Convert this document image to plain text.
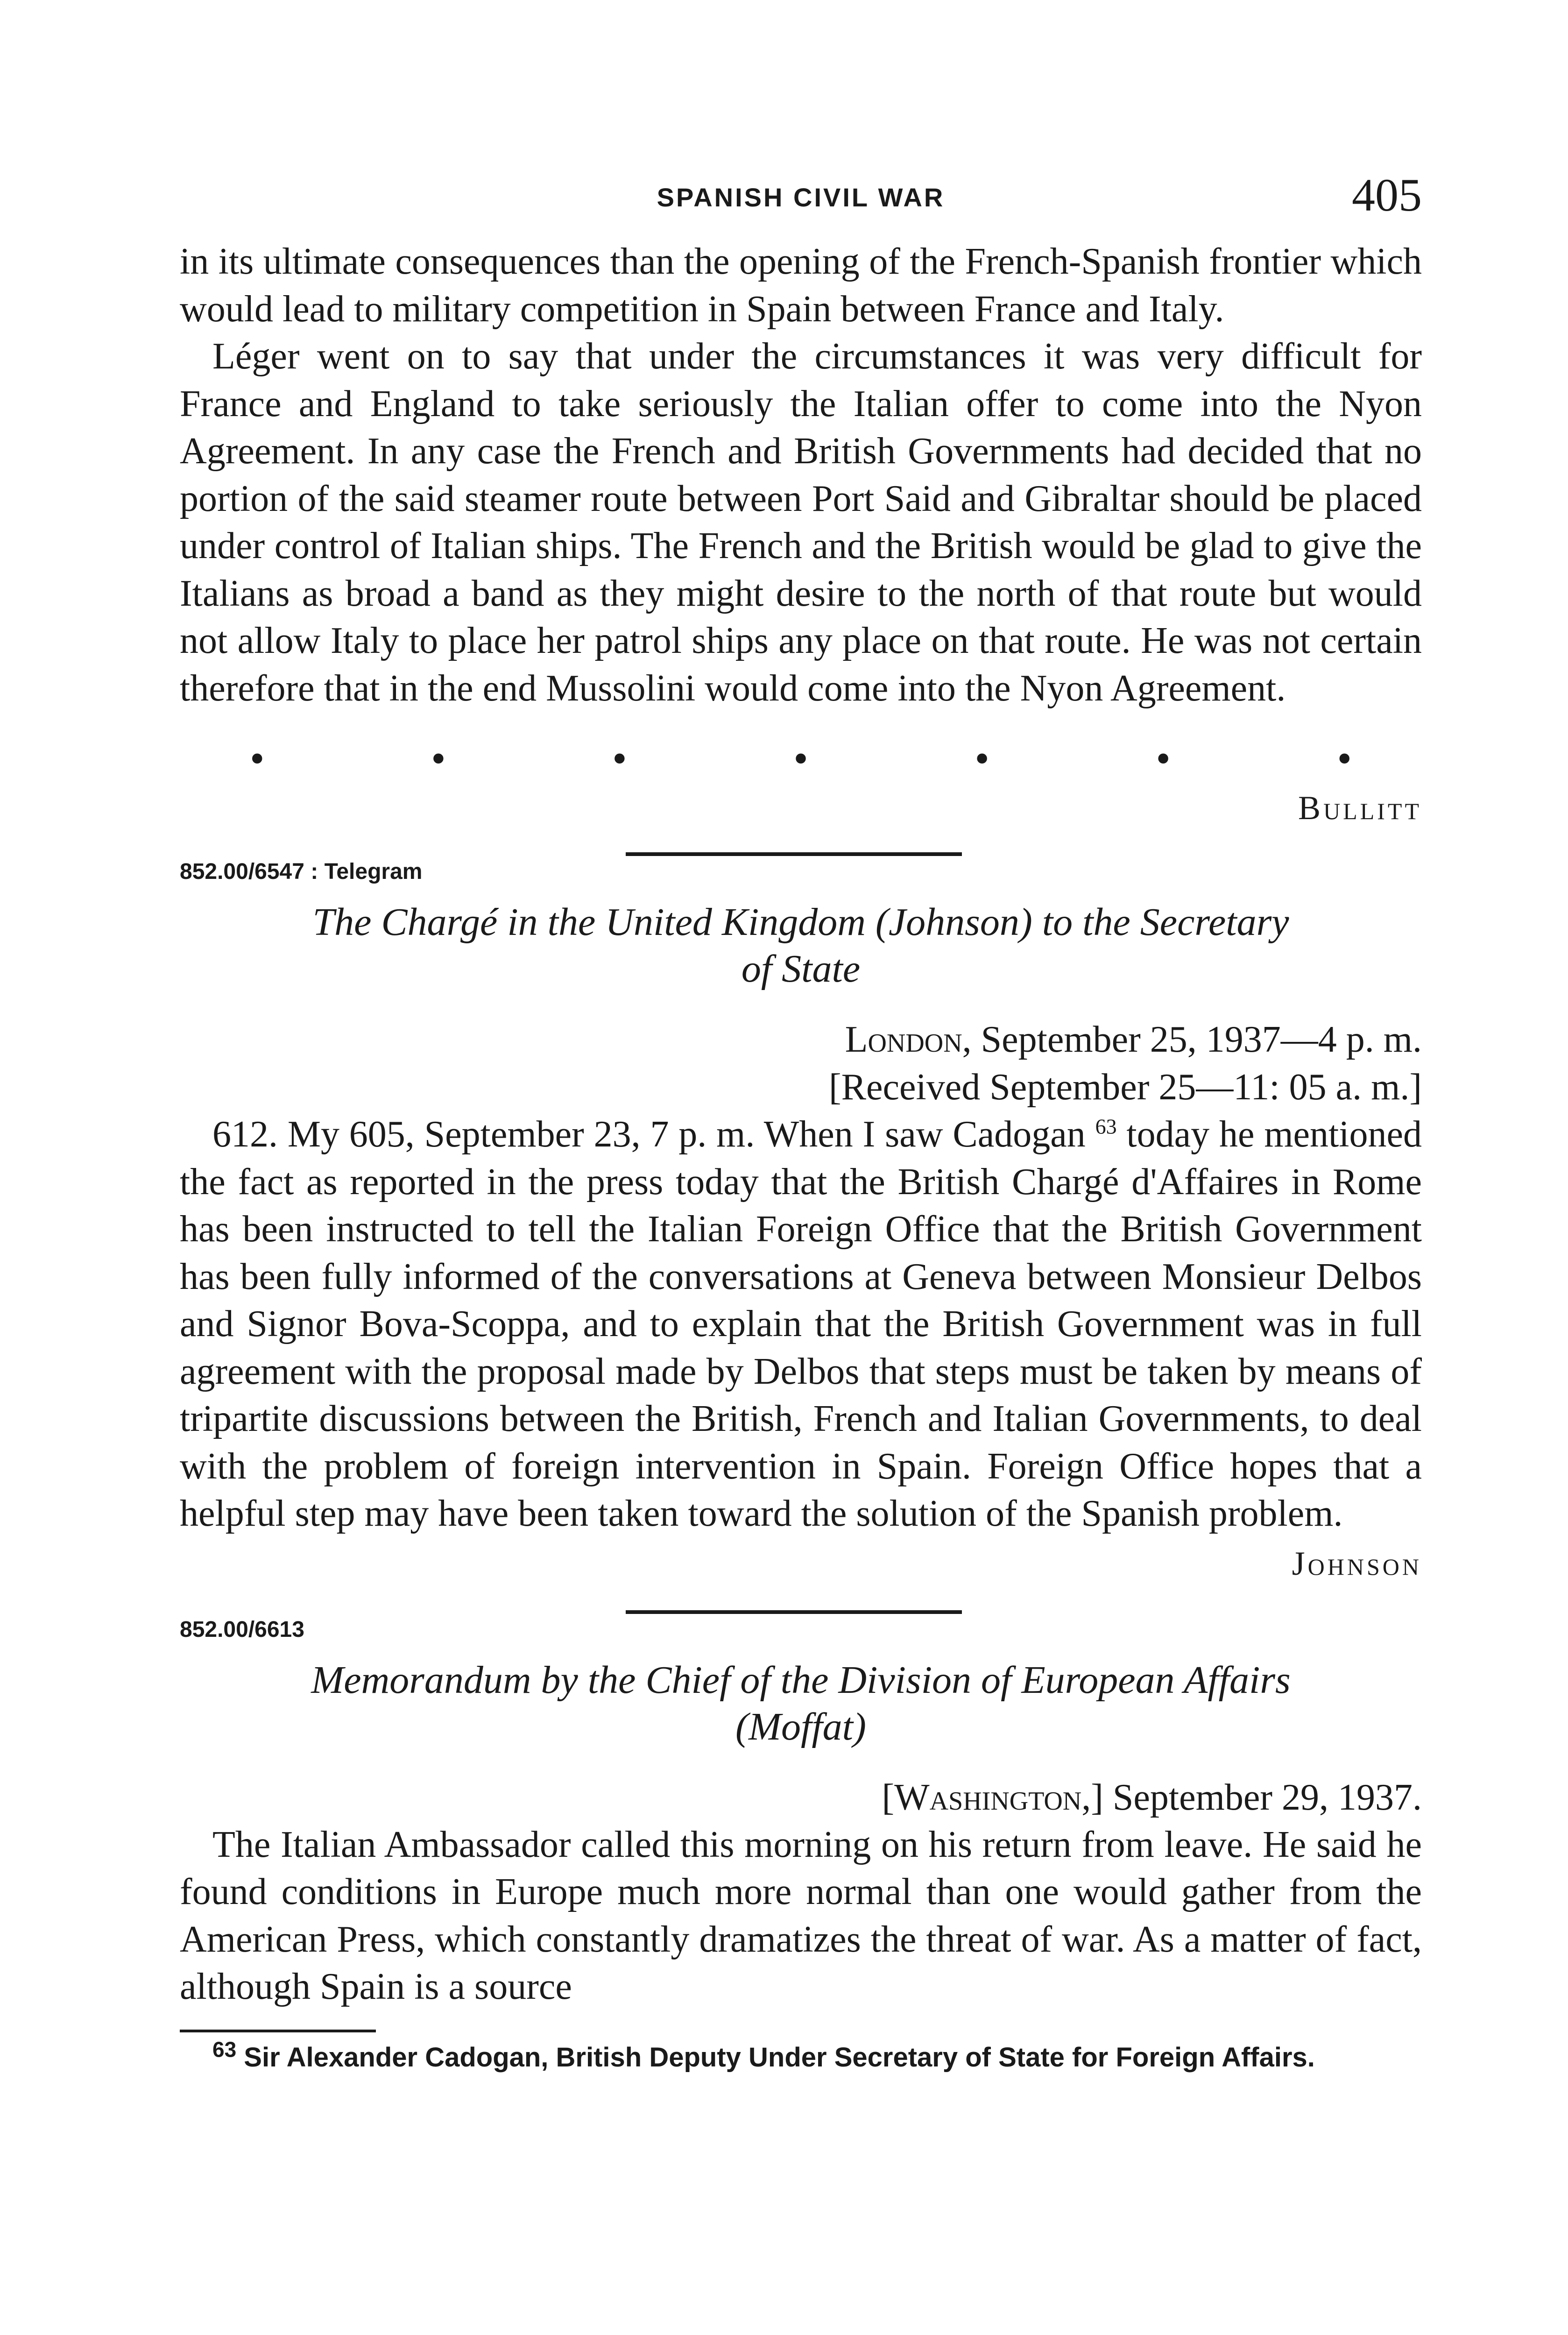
SPANISH CIVIL WAR	405

in its ultimate consequences than the opening of the French-Spanish frontier which would lead to military competition in Spain between France and Italy.

Léger went on to say that under the circumstances it was very difficult for France and England to take seriously the Italian offer to come into the Nyon Agreement. In any case the French and British Governments had decided that no portion of the said steamer route between Port Said and Gibraltar should be placed under control of Italian ships. The French and the British would be glad to give the Italians as broad a band as they might desire to the north of that route but would not allow Italy to place her patrol ships any place on that route. He was not certain therefore that in the end Mussolini would come into the Nyon Agreement.

•	•	•	•	•	•	•

Bullitt

852.00/6547 : Telegram

The Chargé in the United Kingdom (Johnson) to the Secretary
of State

London, September 25, 1937—4 p. m.

[Received September 25—11: 05 a. m.]

612. My 605, September 23, 7 p. m. When I saw Cadogan $^{63}$ today he mentioned the fact as reported in the press today that the British Chargé d'Affaires in Rome has been instructed to tell the Italian Foreign Office that the British Government has been fully informed of the conversations at Geneva between Monsieur Delbos and Signor Bova-Scoppa, and to explain that the British Government was in full agreement with the proposal made by Delbos that steps must be taken by means of tripartite discussions between the British, French and Italian Governments, to deal with the problem of foreign intervention in Spain. Foreign Office hopes that a helpful step may have been taken toward the solution of the Spanish problem.

Johnson

852.00/6613

Memorandum by the Chief of the Division of European Affairs
(Moffat)

[Washington,] September 29, 1937.

The Italian Ambassador called this morning on his return from leave. He said he found conditions in Europe much more normal than one would gather from the American Press, which constantly dramatizes the threat of war. As a matter of fact, although Spain is a source

$^{63}$ Sir Alexander Cadogan, British Deputy Under Secretary of State for Foreign Affairs.
